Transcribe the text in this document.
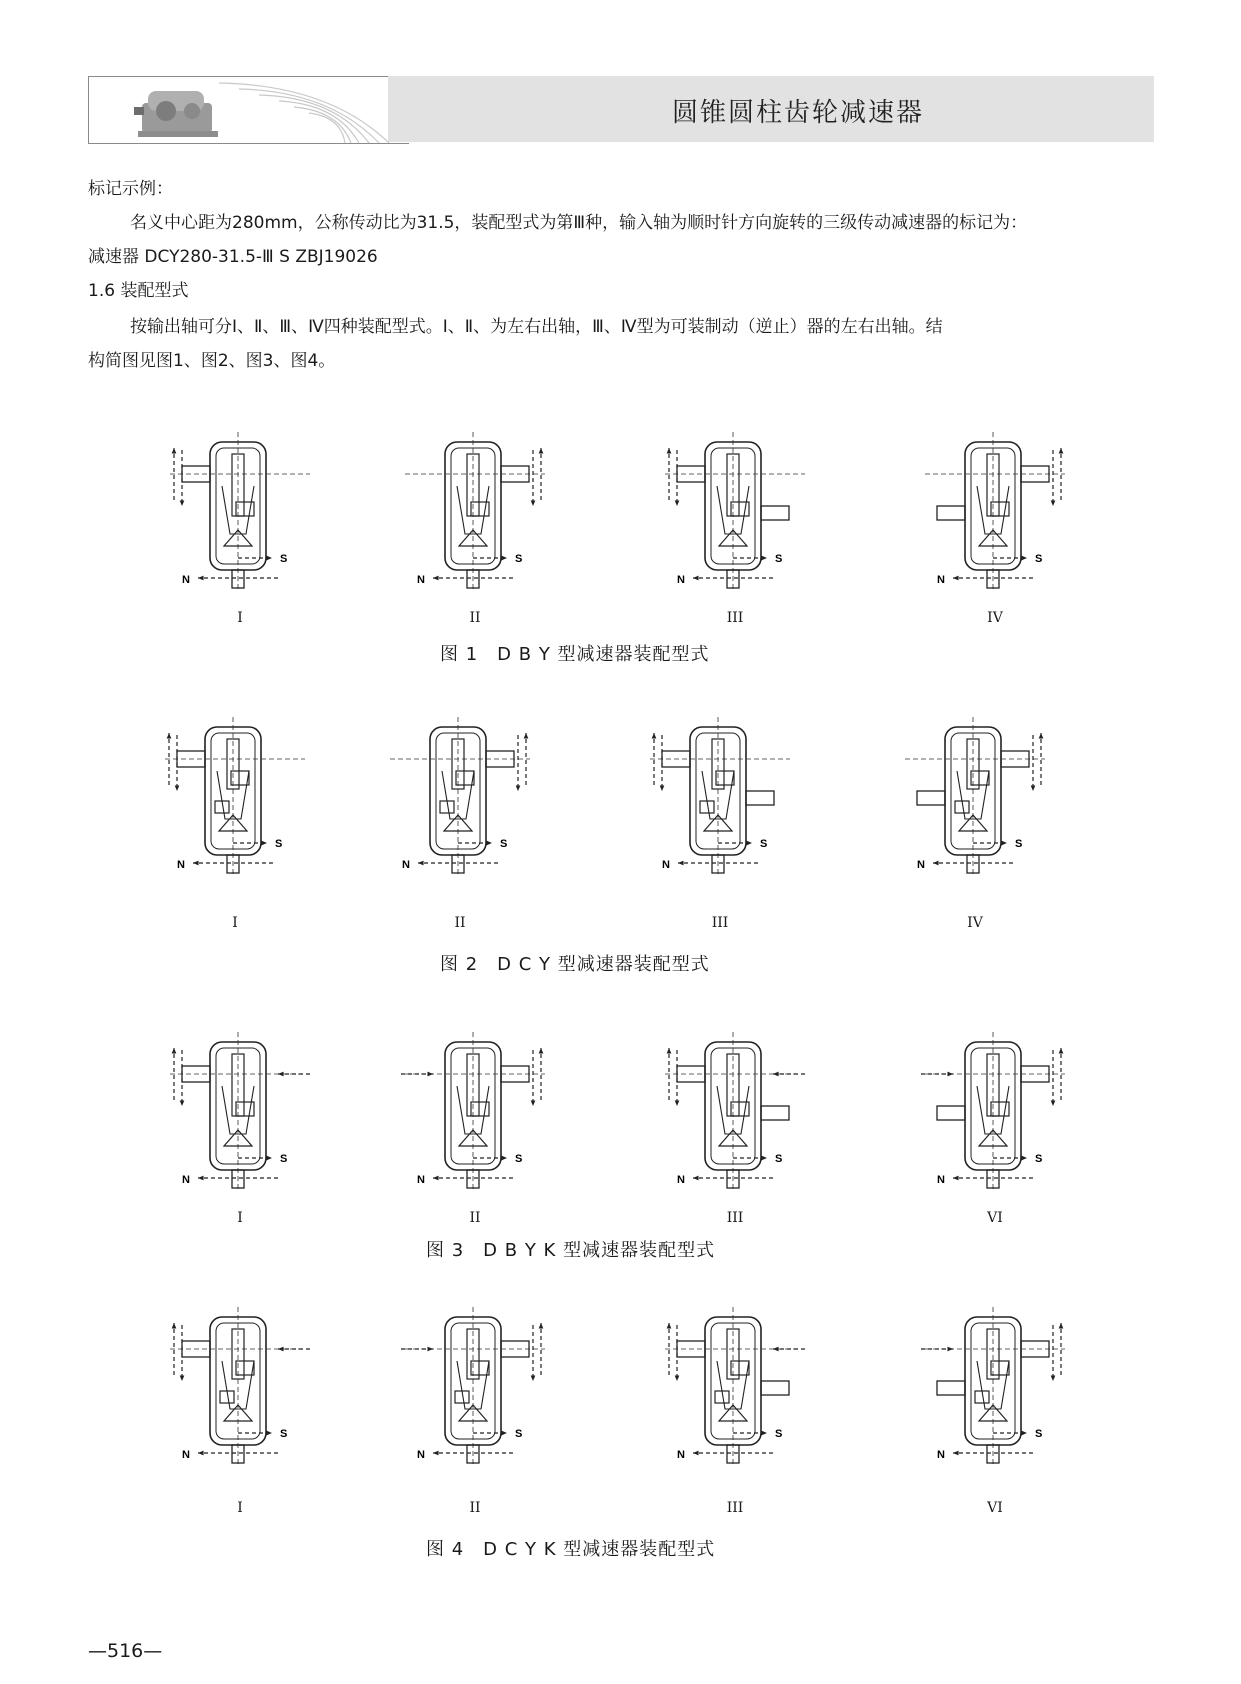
圆锥圆柱齿轮减速器
标记示例：
名义中心距为280mm，公称传动比为31.5，装配型式为第Ⅲ种，输入轴为顺时针方向旋转的三级传动减速器的标记为：
减速器 DCY280-31.5-Ⅲ S ZBJ19026
1.6 装配型式
按输出轴可分Ⅰ、Ⅱ、Ⅲ、Ⅳ四种装配型式。Ⅰ、Ⅱ、为左右出轴，Ⅲ、Ⅳ型为可装制动（逆止）器的左右出轴。结
构简图见图1、图2、图3、图4。
S
N
I
S
N
II
S
N
III
S
N
IV
S
N
I
S
N
II
S
N
III
S
N
IV
S
N
I
S
N
II
S
N
III
S
N
VI
S
N
I
S
N
II
S
N
III
S
N
VI
图 1　D B Y 型减速器装配型式
图 2　D C Y 型减速器装配型式
图 3　D B Y K 型减速器装配型式
图 4　D C Y K 型减速器装配型式
—516—
